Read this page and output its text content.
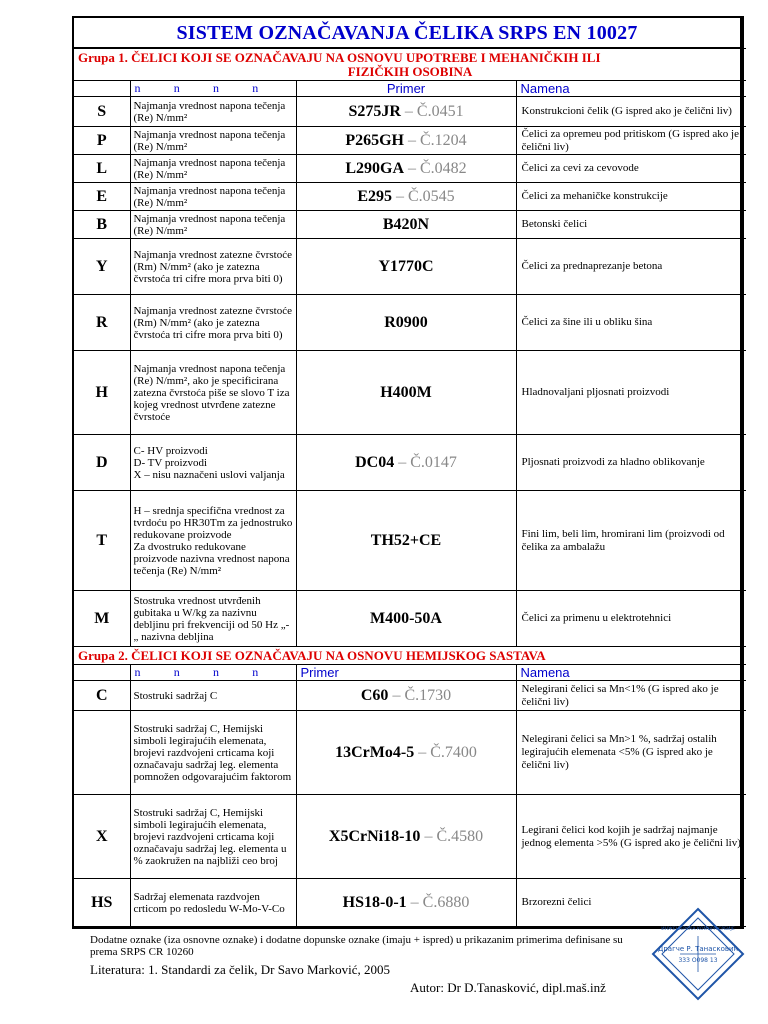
SISTEM OZNAČAVANJA ČELIKA SRPS EN 10027
Grupa 1. ČELICI KOJI SE OZNAČAVAJU NA OSNOVU UPOTREBE I MEHANIČKIH ILI
FIZIČKIH OSOBINA			

	n n n n	Primer	Namena
S	Najmanja vrednost napona tečenja (Re) N/mm²	S275JR – Č.0451	Konstrukcioni čelik (G ispred ako je čelični liv)
P	Najmanja vrednost napona tečenja (Re) N/mm²	P265GH – Č.1204	Čelici za opremeu pod pritiskom (G ispred ako je čelični liv)
L	Najmanja vrednost napona tečenja (Re) N/mm²	L290GA – Č.0482	Čelici za cevi za cevovode
E	Najmanja vrednost napona tečenja (Re) N/mm²	E295 – Č.0545	Čelici za mehaničke konstrukcije
B	Najmanja vrednost napona tečenja (Re) N/mm²	B420N	Betonski čelici
Y	Najmanja vrednost zatezne čvrstoće (Rm) N/mm² (ako je zatezna čvrstoća tri cifre mora prva biti 0)	Y1770C	Čelici za prednaprezanje betona
R	Najmanja vrednost zatezne čvrstoće (Rm) N/mm² (ako je zatezna čvrstoća tri cifre mora prva biti 0)	R0900	Čelici za šine ili u obliku šina
H	Najmanja vrednost napona tečenja (Re) N/mm², ako je specificirana zatezna čvrstoća piše se slovo T iza kojeg vrednost utvrđene zatezne čvrstoće	H400M	Hladnovaljani pljosnati proizvodi
D	C- HV proizvodi
D- TV proizvodi
X – nisu naznačeni uslovi valjanja	DC04 – Č.0147	Pljosnati proizvodi za hladno oblikovanje
T	H – srednja specifična vrednost za tvrdoću po HR30Tm za jednostruko redukovane proizvode
Za dvostruko redukovane proizvode nazivna vrednost napona tečenja (Re) N/mm²	TH52+CE	Fini lim, beli lim, hromirani lim (proizvodi od čelika za ambalažu
M	Stostruka vrednost utvrđenih gubitaka u W/kg za nazivnu debljinu pri frekvenciji od 50 Hz „-„ nazivna debljina	M400-50A	Čelici za primenu u elektrotehnici
Grupa 2. ČELICI KOJI SE OZNAČAVAJU NA OSNOVU HEMIJSKOG SASTAVA			
	n n n n	Primer	Namena
C	Stostruki sadržaj C	C60 – Č.1730	Nelegirani čelici sa Mn<1% (G ispred ako je čelični liv)
	Stostruki sadržaj C, Hemijski simboli legirajućih elemenata, brojevi razdvojeni crticama koji označavaju sadržaj leg. elementa pomnožen odgovarajućim faktorom	13CrMo4-5 – Č.7400	Nelegirani čelici sa Mn>1 %, sadržaj ostalih legirajućih elemenata <5% (G ispred ako je čelični liv)
X	Stostruki sadržaj C, Hemijski simboli legirajućih elemenata, brojevi razdvojeni crticama koji označavaju sadržaj leg. elementa u % zaokružen na najbliži ceo broj	X5CrNi18-10 – Č.4580	Legirani čelici kod kojih je sadržaj najmanje jednog elementa >5% (G ispred ako je čelični liv)
HS	Sadržaj elemenata razdvojen crticom po redosledu W-Mo-V-Co	HS18-0-1 – Č.6880	Brzorezni čelici
Dodatne oznake (iza osnovne oznake) i dodatne dopunske oznake (imaju + ispred) u prikazanim primerima definisane su prema SRPS CR 10260
Literatura: 1. Standardi za čelik, Dr Savo Marković, 2005
Autor: Dr D.Tanasković, dipl.maš.inž
Драгче Р. Танасковић
333 О098 13
ИНЖЕЊЕРСКА КОМОРА СРБИЈЕ
